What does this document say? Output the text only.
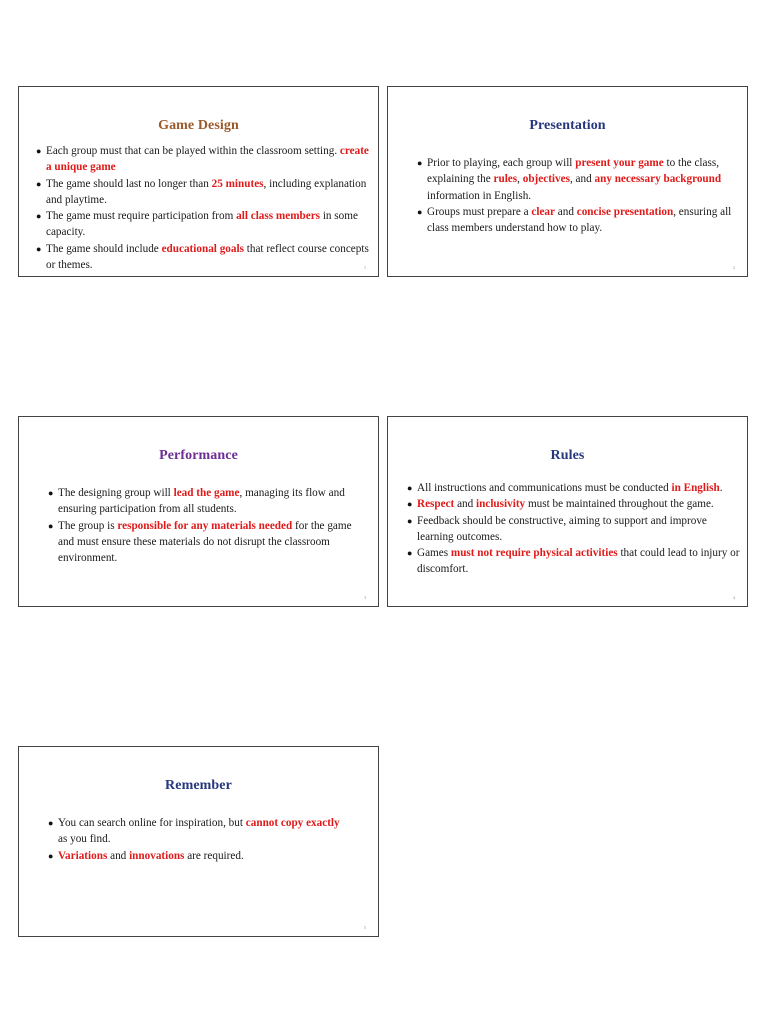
Game Design
● Each group must that can be played within the classroom setting. create a unique game
● The game should last no longer than 25 minutes, including explanation and playtime.
● The game must require participation from all class members in some capacity.
● The game should include educational goals that reflect course concepts or themes.	1
Presentation
● Prior to playing, each group will present your game to the class, explaining the rules, objectives, and any necessary background information in English.
● Groups must prepare a clear and concise presentation, ensuring all class members understand how to play.
2
Performance
● The designing group will lead the game, managing its flow and ensuring participation from all students.
● The group is responsible for any materials needed for the game and must ensure these materials do not disrupt the classroom environment.
3
Rules
● All instructions and communications must be conducted in English.
● Respect and inclusivity must be maintained throughout the game.
● Feedback should be constructive, aiming to support and improve learning outcomes.
● Games must not require physical activities that could lead to injury or discomfort.
4
Remember
● You can search online for inspiration, but cannot copy exactly as you find.
● Variations and innovations are required.
5
